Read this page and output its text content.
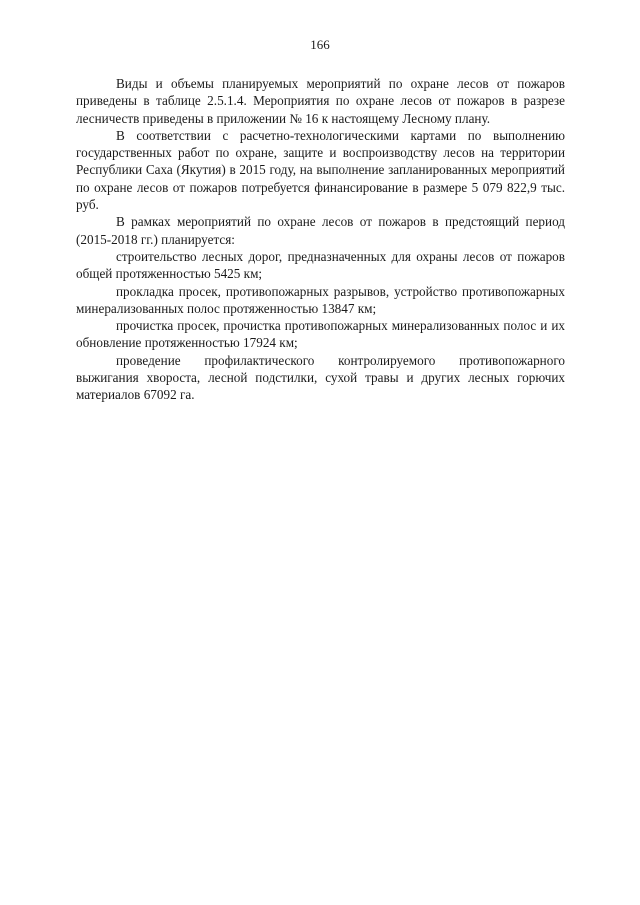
166

Виды и объемы планируемых мероприятий по охране лесов от пожаров приведены в таблице 2.5.1.4. Мероприятия по охране лесов от пожаров в разрезе лесничеств приведены в приложении № 16 к настоящему Лесному плану.

В соответствии с расчетно-технологическими картами по выполнению государственных работ по охране, защите и воспроизводству лесов на территории Республики Саха (Якутия) в 2015 году, на выполнение запланированных мероприятий по охране лесов от пожаров потребуется финансирование в размере 5 079 822,9 тыс. руб.

В рамках мероприятий по охране лесов от пожаров в предстоящий период (2015-2018 гг.) планируется:

строительство лесных дорог, предназначенных для охраны лесов от пожаров общей протяженностью 5425 км;

прокладка просек, противопожарных разрывов, устройство противопожарных минерализованных полос протяженностью 13847 км;

прочистка просек, прочистка противопожарных минерализованных полос и их обновление протяженностью 17924 км;

проведение профилактического контролируемого противопожарного выжигания хворостa, лесной подстилки, сухой травы и других лесных горючих материалов 67092 га.
